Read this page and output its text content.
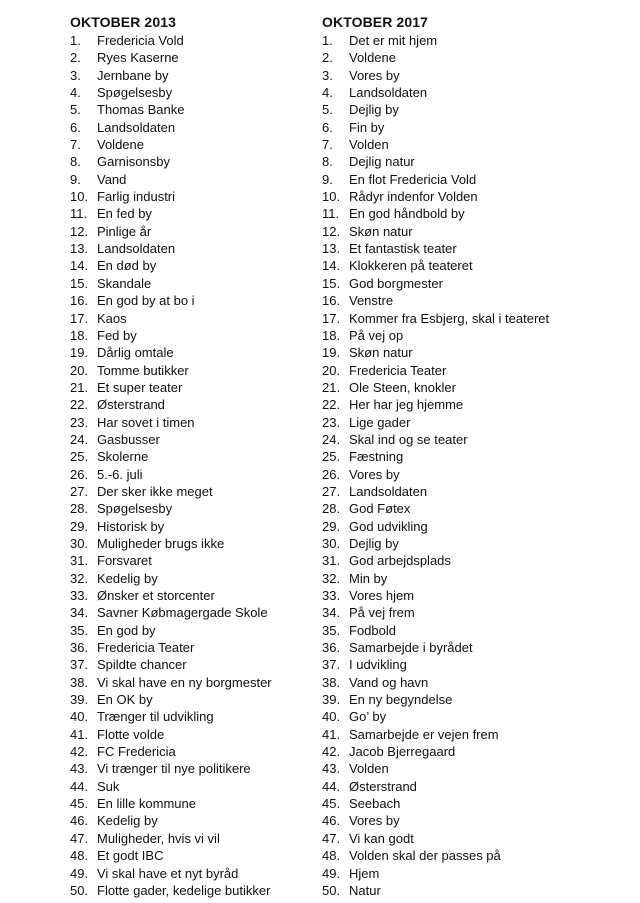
OKTOBER 2013
1.	Fredericia Vold
2.	Ryes Kaserne
3.	Jernbane by
4.	Spøgelsesby
5.	Thomas Banke
6.	Landsoldaten
7.	Voldene
8.	Garnisonsby
9.	Vand
10. Farlig industri
11. En fed by
12. Pinlige år
13. Landsoldaten
14. En død by
15. Skandale
16. En god by at bo i
17. Kaos
18. Fed by
19. Dårlig omtale
20. Tomme butikker
21. Et super teater
22. Østerstrand
23. Har sovet i timen
24. Gasbusser
25. Skolerne
26. 5.-6. juli
27. Der sker ikke meget
28. Spøgelsesby
29. Historisk by
30. Muligheder brugs ikke
31. Forsvaret
32. Kedelig by
33. Ønsker et storcenter
34. Savner Købmagergade Skole
35. En god by
36. Fredericia Teater
37. Spildte chancer
38. Vi skal have en ny borgmester
39. En OK by
40. Trænger til udvikling
41. Flotte volde
42. FC Fredericia
43. Vi trænger til nye politikere
44. Suk
45. En lille kommune
46. Kedelig by
47. Muligheder, hvis vi vil
48. Et godt IBC
49. Vi skal have et nyt byråd
50. Flotte gader, kedelige butikker
OKTOBER 2017
1.	Det er mit hjem
2.	Voldene
3.	Vores by
4.	Landsoldaten
5.	Dejlig by
6.	Fin by
7.	Volden
8.	Dejlig natur
9.	En flot Fredericia Vold
10. Rådyr indenfor Volden
11. En god håndbold by
12. Skøn natur
13. Et fantastisk teater
14. Klokkeren på teateret
15. God borgmester
16. Venstre
17. Kommer fra Esbjerg, skal i teateret
18. På vej op
19. Skøn natur
20. Fredericia Teater
21. Ole Steen, knokler
22. Her har jeg hjemme
23. Lige gader
24. Skal ind og se teater
25. Fæstning
26. Vores by
27. Landsoldaten
28. God Føtex
29. God udvikling
30. Dejlig by
31. God arbejdsplads
32. Min by
33. Vores hjem
34. På vej frem
35. Fodbold
36. Samarbejde i byrådet
37. I udvikling
38. Vand og havn
39. En ny begyndelse
40. Go’ by
41. Samarbejde er vejen frem
42. Jacob Bjerregaard
43. Volden
44. Østerstrand
45. Seebach
46. Vores by
47. Vi kan godt
48. Volden skal der passes på
49. Hjem
50. Natur
